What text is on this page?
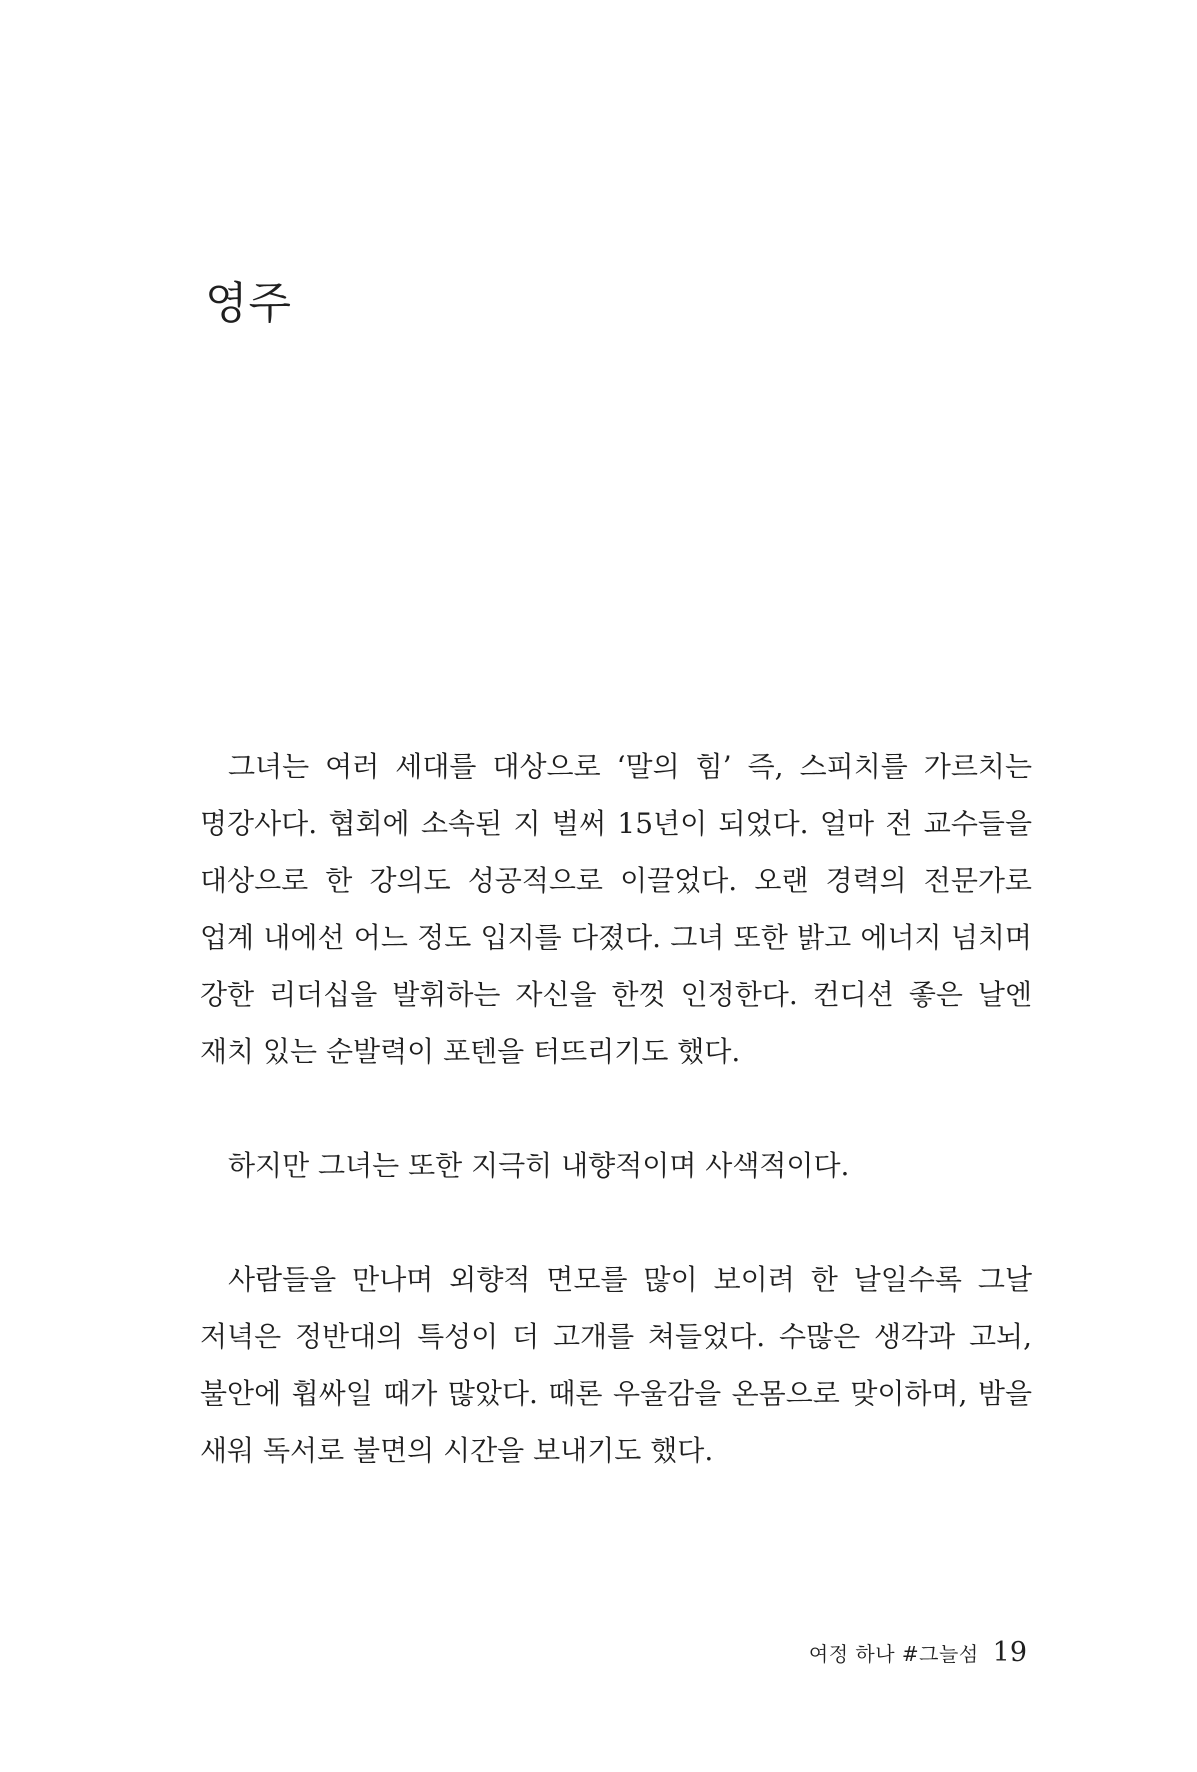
영주

그녀는 여러 세대를 대상으로 ‘말의 힘’ 즉, 스피치를 가르치는 명강사다. 협회에 소속된 지 벌써 15년이 되었다. 얼마 전 교수들을 대상으로 한 강의도 성공적으로 이끌었다. 오랜 경력의 전문가로 업계 내에선 어느 정도 입지를 다졌다. 그녀 또한 밝고 에너지 넘치며 강한 리더십을 발휘하는 자신을 한껏 인정한다. 컨디션 좋은 날엔 재치 있는 순발력이 포텐을 터뜨리기도 했다.

하지만 그녀는 또한 지극히 내향적이며 사색적이다.

사람들을 만나며 외향적 면모를 많이 보이려 한 날일수록 그날 저녁은 정반대의 특성이 더 고개를 쳐들었다. 수많은 생각과 고뇌, 불안에 휩싸일 때가 많았다. 때론 우울감을 온몸으로 맞이하며, 밤을 새워 독서로 불면의 시간을 보내기도 했다.

여정 하나 #그늘섬 19
